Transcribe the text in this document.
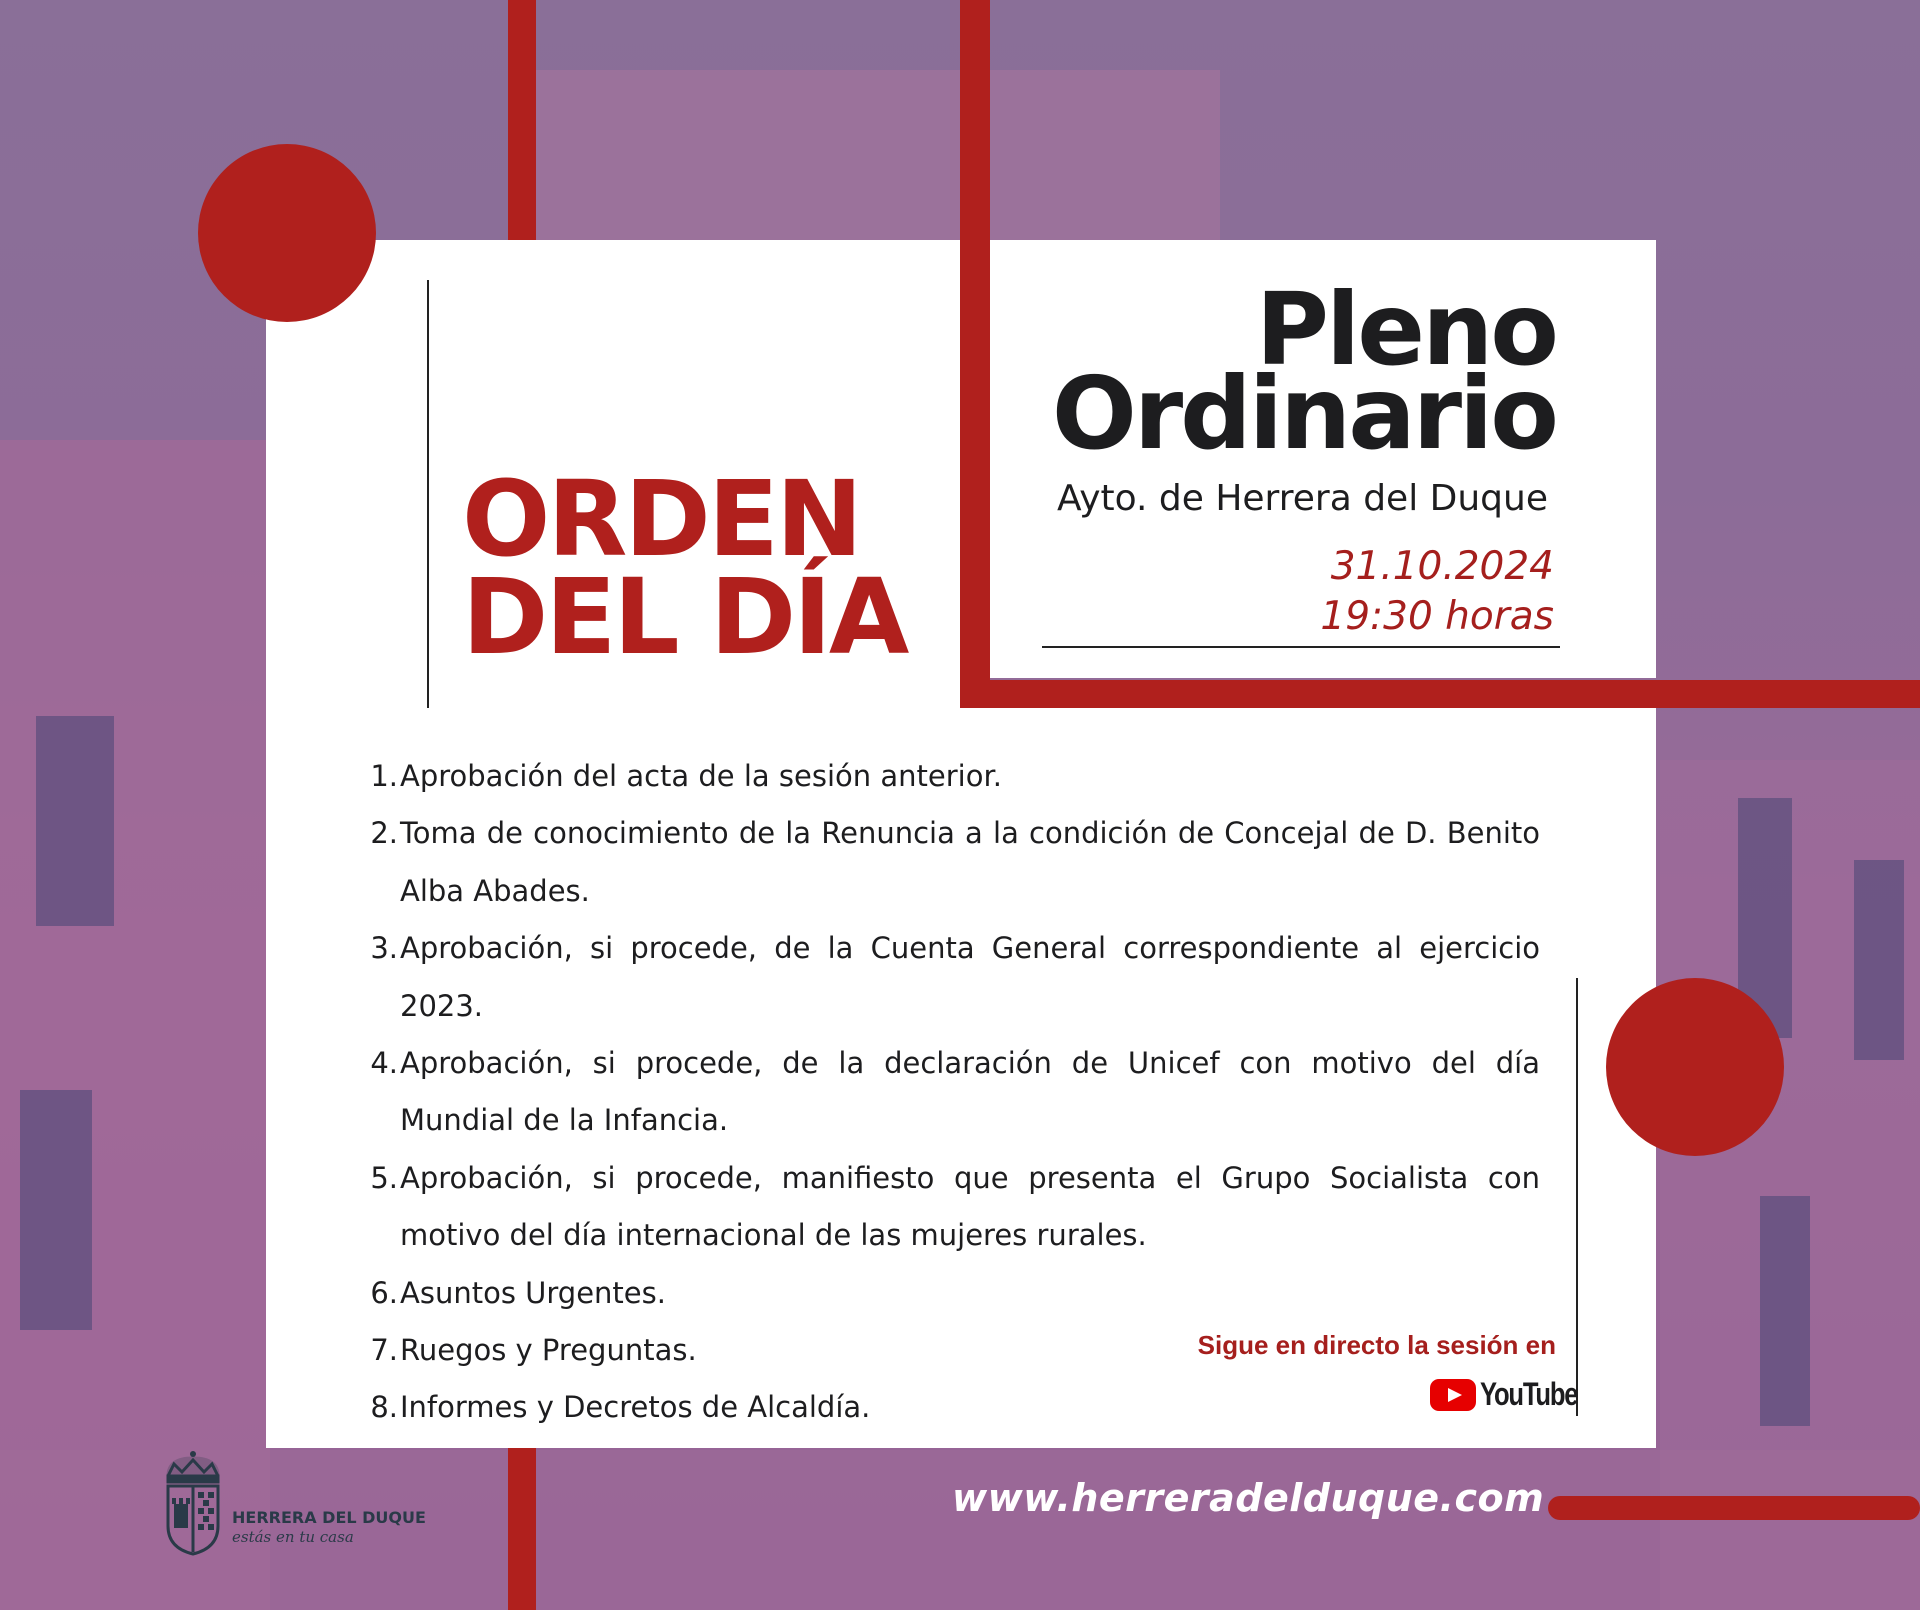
ORDEN
DEL DÍA
Pleno
Ordinario
Ayto. de Herrera del Duque
31.10.2024
19:30 horas
1. Aprobación del acta de la sesión anterior.
2. Toma de conocimiento de la Renuncia a la condición de Concejal de D. Benito Alba Abades.
3. Aprobación, si procede, de la Cuenta General correspondiente al ejercicio 2023.
4. Aprobación, si procede, de la declaración de Unicef con motivo del día Mundial de la Infancia.
5. Aprobación, si procede, manifiesto que presenta el Grupo Socialista con motivo del día internacional de las mujeres rurales.
6. Asuntos Urgentes.
7. Ruegos y Preguntas.
8. Informes y Decretos de Alcaldía.
Sigue en directo la sesión en
YouTube
HERRERA DEL DUQUE
estás en tu casa
www.herreradelduque.com
